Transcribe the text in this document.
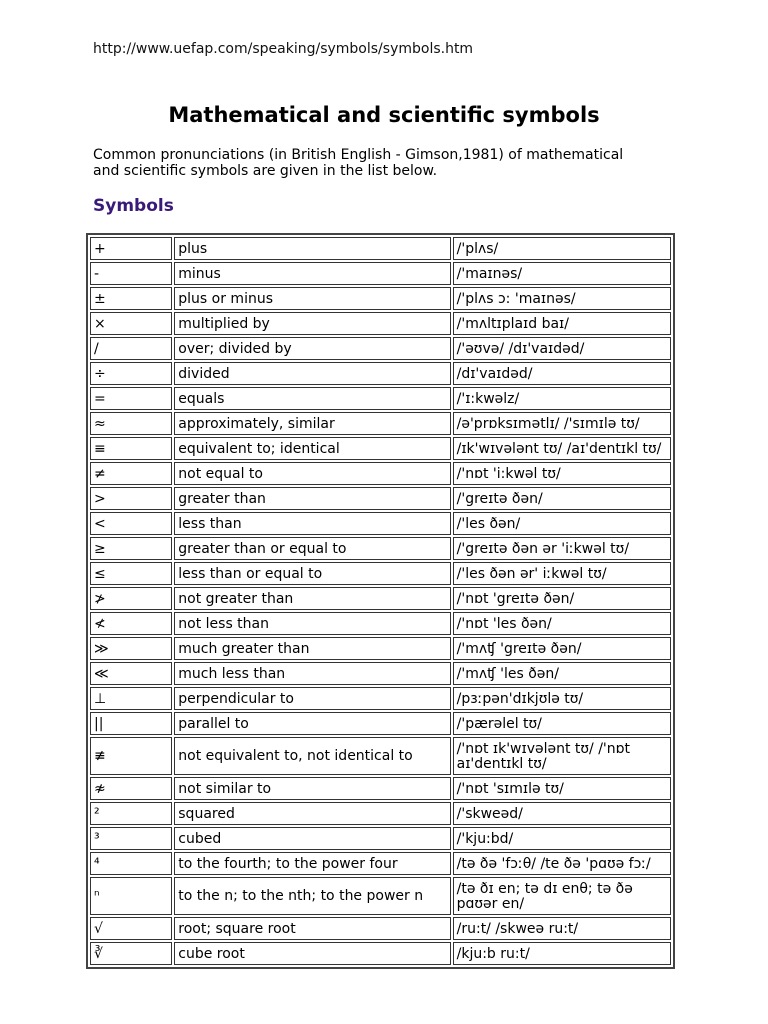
http://www.uefap.com/speaking/symbols/symbols.htm
Mathematical and scientific symbols
Common pronunciations (in British English - Gimson,1981) of mathematical and scientific symbols are given in the list below.
Symbols
+	plus	/'plʌs/
-	minus	/'maɪnəs/
±	plus or minus	/'plʌs ɔ: 'maɪnəs/
×	multiplied by	/'mʌltɪplaɪd baɪ/
/	over; divided by	/'əʊvə/ /dɪ'vaɪdəd/
÷	divided	/dɪ'vaɪdəd/
=	equals	/'ɪ:kwəlz/
≈	approximately, similar	/ə'prɒksɪmətlɪ/ /'sɪmɪlə tʊ/
≡	equivalent to; identical	/ɪk'wɪvələnt tʊ/ /aɪ'dentɪkl tʊ/
≠	not equal to	/'nɒt 'i:kwəl tʊ/
>	greater than	/'greɪtə ðən/
<	less than	/'les ðən/
≥	greater than or equal to	/'greɪtə ðən ər 'iːkwəl tʊ/
≤	less than or equal to	/'les ðən ər' iːkwəl tʊ/
≯	not greater than	/'nɒt 'greɪtə ðən/
≮	not less than	/'nɒt 'les ðən/
≫	much greater than	/'mʌʧ 'greɪtə ðən/
≪	much less than	/'mʌʧ 'les ðən/
⊥	perpendicular to	/pɜːpən'dɪkjʊlə tʊ/
||	parallel to	/'pærəlel tʊ/
≢	not equivalent to, not identical to	/'nɒt ɪk'wɪvələnt tʊ/ /'nɒt aɪ'dentɪkl tʊ/
≉	not similar to	/'nɒt 'sɪmɪlə tʊ/
²	squared	/'skweəd/
³	cubed	/'kju:bd/
⁴	to the fourth; to the power four	/tə ðə 'fɔːθ/ /te ðə 'pɑʊə fɔː/
ⁿ	to the n; to the nth; to the power n	/tə ðɪ en; tə dɪ enθ; tə ðə pɑʊər en/
√	root; square root	/ru:t/ /skweə ru:t/
∛	cube root	/kju:b ru:t/
